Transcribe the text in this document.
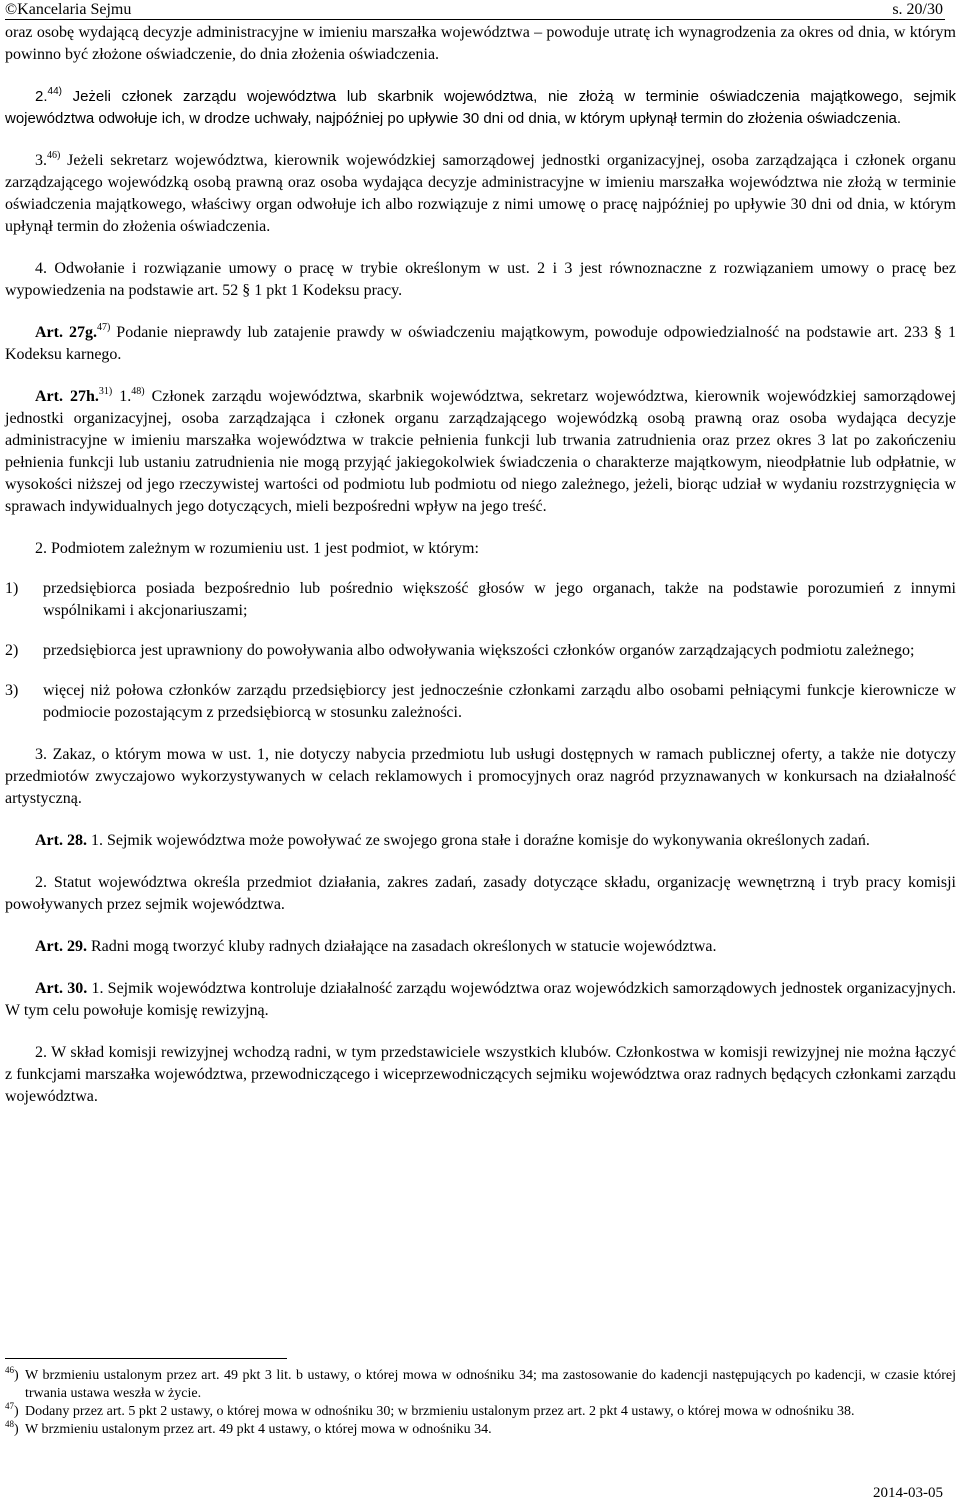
©Kancelaria Sejmu	s. 20/30

oraz osobę wydającą decyzje administracyjne w imieniu marszałka województwa – powoduje utratę ich wynagrodzenia za okres od dnia, w którym powinno być złożone oświadczenie, do dnia złożenia oświadczenia.

2.$^{44)}$ Jeżeli członek zarządu województwa lub skarbnik województwa, nie złożą w terminie oświadczenia majątkowego, sejmik województwa odwołuje ich, w drodze uchwały, najpóźniej po upływie 30 dni od dnia, w którym upłynął termin do złożenia oświadczenia.

3.$^{46)}$ Jeżeli sekretarz województwa, kierownik wojewódzkiej samorządowej jednostki organizacyjnej, osoba zarządzająca i członek organu zarządzającego wojewódzką osobą prawną oraz osoba wydająca decyzje administracyjne w imieniu marszałka województwa nie złożą w terminie oświadczenia majątkowego, właściwy organ odwołuje ich albo rozwiązuje z nimi umowę o pracę najpóźniej po upływie 30 dni od dnia, w którym upłynął termin do złożenia oświadczenia.

4. Odwołanie i rozwiązanie umowy o pracę w trybie określonym w ust. 2 i 3 jest równoznaczne z rozwiązaniem umowy o pracę bez wypowiedzenia na podstawie art. 52 § 1 pkt 1 Kodeksu pracy.

Art. 27g.$^{47)}$ Podanie nieprawdy lub zatajenie prawdy w oświadczeniu majątkowym, powoduje odpowiedzialność na podstawie art. 233 § 1 Kodeksu karnego.

Art. 27h.$^{31)}$ 1.$^{48)}$ Członek zarządu województwa, skarbnik województwa, sekretarz województwa, kierownik wojewódzkiej samorządowej jednostki organizacyjnej, osoba zarządzająca i członek organu zarządzającego wojewódzką osobą prawną oraz osoba wydająca decyzje administracyjne w imieniu marszałka województwa w trakcie pełnienia funkcji lub trwania zatrudnienia oraz przez okres 3 lat po zakończeniu pełnienia funkcji lub ustaniu zatrudnienia nie mogą przyjąć jakiegokolwiek świadczenia o charakterze majątkowym, nieodpłatnie lub odpłatnie, w wysokości niższej od jego rzeczywistej wartości od podmiotu lub podmiotu od niego zależnego, jeżeli, biorąc udział w wydaniu rozstrzygnięcia w sprawach indywidualnych jego dotyczących, mieli bezpośredni wpływ na jego treść.

2. Podmiotem zależnym w rozumieniu ust. 1 jest podmiot, w którym:

1) przedsiębiorca posiada bezpośrednio lub pośrednio większość głosów w jego organach, także na podstawie porozumień z innymi wspólnikami i akcjonariuszami;
2) przedsiębiorca jest uprawniony do powoływania albo odwoływania większości członków organów zarządzających podmiotu zależnego;
3) więcej niż połowa członków zarządu przedsiębiorcy jest jednocześnie członkami zarządu albo osobami pełniącymi funkcje kierownicze w podmiocie pozostającym z przedsiębiorcą w stosunku zależności.

3. Zakaz, o którym mowa w ust. 1, nie dotyczy nabycia przedmiotu lub usługi dostępnych w ramach publicznej oferty, a także nie dotyczy przedmiotów zwyczajowo wykorzystywanych w celach reklamowych i promocyjnych oraz nagród przyznawanych w konkursach na działalność artystyczną.

Art. 28. 1. Sejmik województwa może powoływać ze swojego grona stałe i doraźne komisje do wykonywania określonych zadań.

2. Statut województwa określa przedmiot działania, zakres zadań, zasady dotyczące składu, organizację wewnętrzną i tryb pracy komisji powoływanych przez sejmik województwa.

Art. 29. Radni mogą tworzyć kluby radnych działające na zasadach określonych w statucie województwa.

Art. 30. 1. Sejmik województwa kontroluje działalność zarządu województwa oraz wojewódzkich samorządowych jednostek organizacyjnych. W tym celu powołuje komisję rewizyjną.

2. W skład komisji rewizyjnej wchodzą radni, w tym przedstawiciele wszystkich klubów. Członkostwa w komisji rewizyjnej nie można łączyć z funkcjami marszałka województwa, przewodniczącego i wiceprzewodniczących sejmiku województwa oraz radnych będących członkami zarządu województwa.

$^{46}$) W brzmieniu ustalonym przez art. 49 pkt 3 lit. b ustawy, o której mowa w odnośniku 34; ma zastosowanie do kadencji następujących po kadencji, w czasie której trwania ustawa weszła w życie.
$^{47}$) Dodany przez art. 5 pkt 2 ustawy, o której mowa w odnośniku 30; w brzmieniu ustalonym przez art. 2 pkt 4 ustawy, o której mowa w odnośniku 38.
$^{48}$) W brzmieniu ustalonym przez art. 49 pkt 4 ustawy, o której mowa w odnośniku 34.
2014-03-05
